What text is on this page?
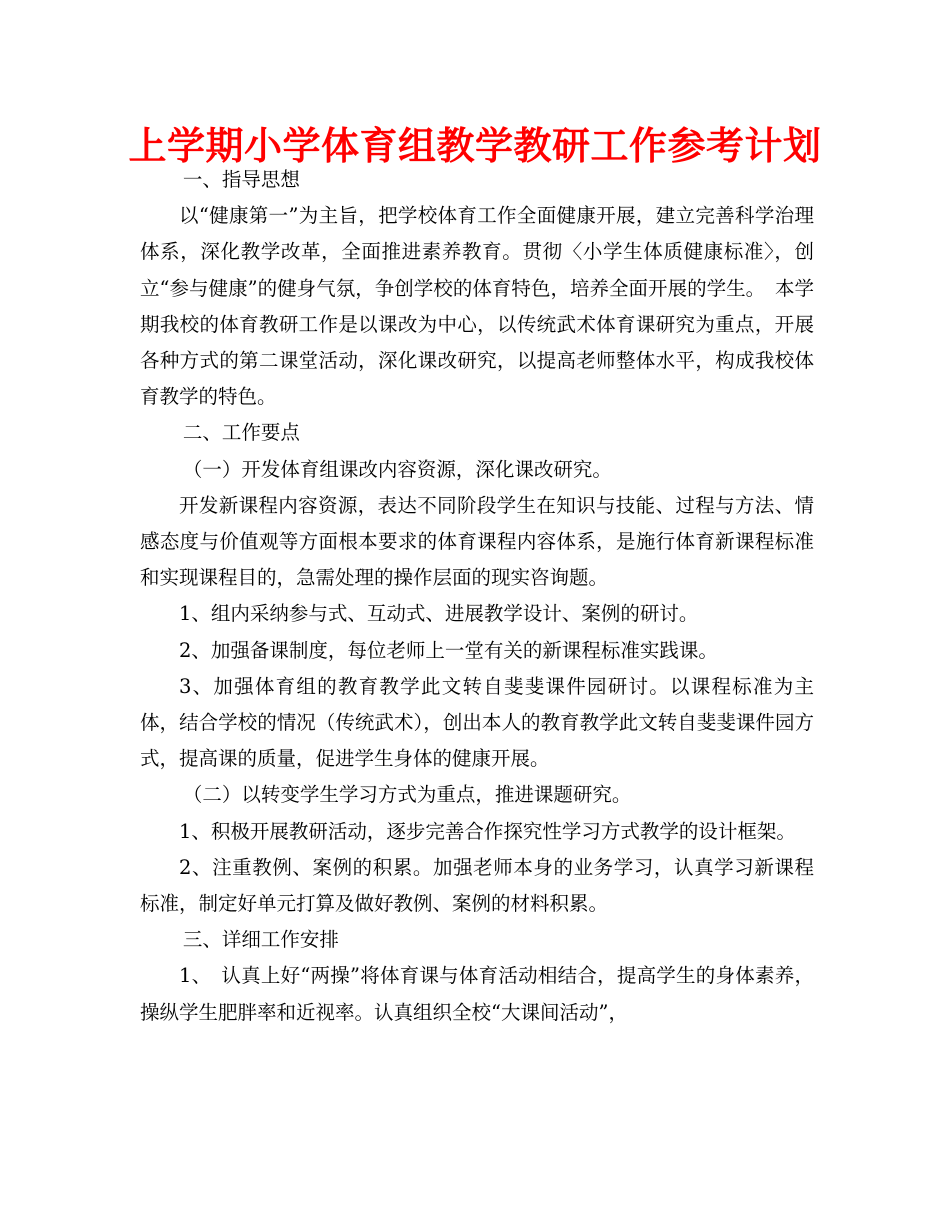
上学期小学体育组教学教研工作参考计划

一、指导思想

以“健康第一”为主旨，把学校体育工作全面健康开展，建立完善科学治理体系，深化教学改革，全面推进素养教育。贯彻〈小学生体质健康标准〉，创立“参与健康”的健身气氛，争创学校的体育特色，培养全面开展的学生。　本学期我校的体育教研工作是以课改为中心，以传统武术体育课研究为重点，开展各种方式的第二课堂活动，深化课改研究，以提高老师整体水平，构成我校体育教学的特色。

二、工作要点

（一）开发体育组课改内容资源，深化课改研究。

开发新课程内容资源，表达不同阶段学生在知识与技能、过程与方法、情感态度与价值观等方面根本要求的体育课程内容体系，是施行体育新课程标准和实现课程目的，急需处理的操作层面的现实咨询题。

1、组内采纳参与式、互动式、进展教学设计、案例的研讨。

2、加强备课制度，每位老师上一堂有关的新课程标准实践课。

3、加强体育组的教育教学此文转自斐斐课件园研讨。以课程标准为主体，结合学校的情况（传统武术），创出本人的教育教学此文转自斐斐课件园方式，提高课的质量，促进学生身体的健康开展。

（二）以转变学生学习方式为重点，推进课题研究。

1、积极开展教研活动，逐步完善合作探究性学习方式教学的设计框架。

2、注重教例、案例的积累。加强老师本身的业务学习，认真学习新课程标准，制定好单元打算及做好教例、案例的材料积累。

三、详细工作安排

1、　认真上好“两操”将体育课与体育活动相结合，提高学生的身体素养，操纵学生肥胖率和近视率。认真组织全校“大课间活动”，
